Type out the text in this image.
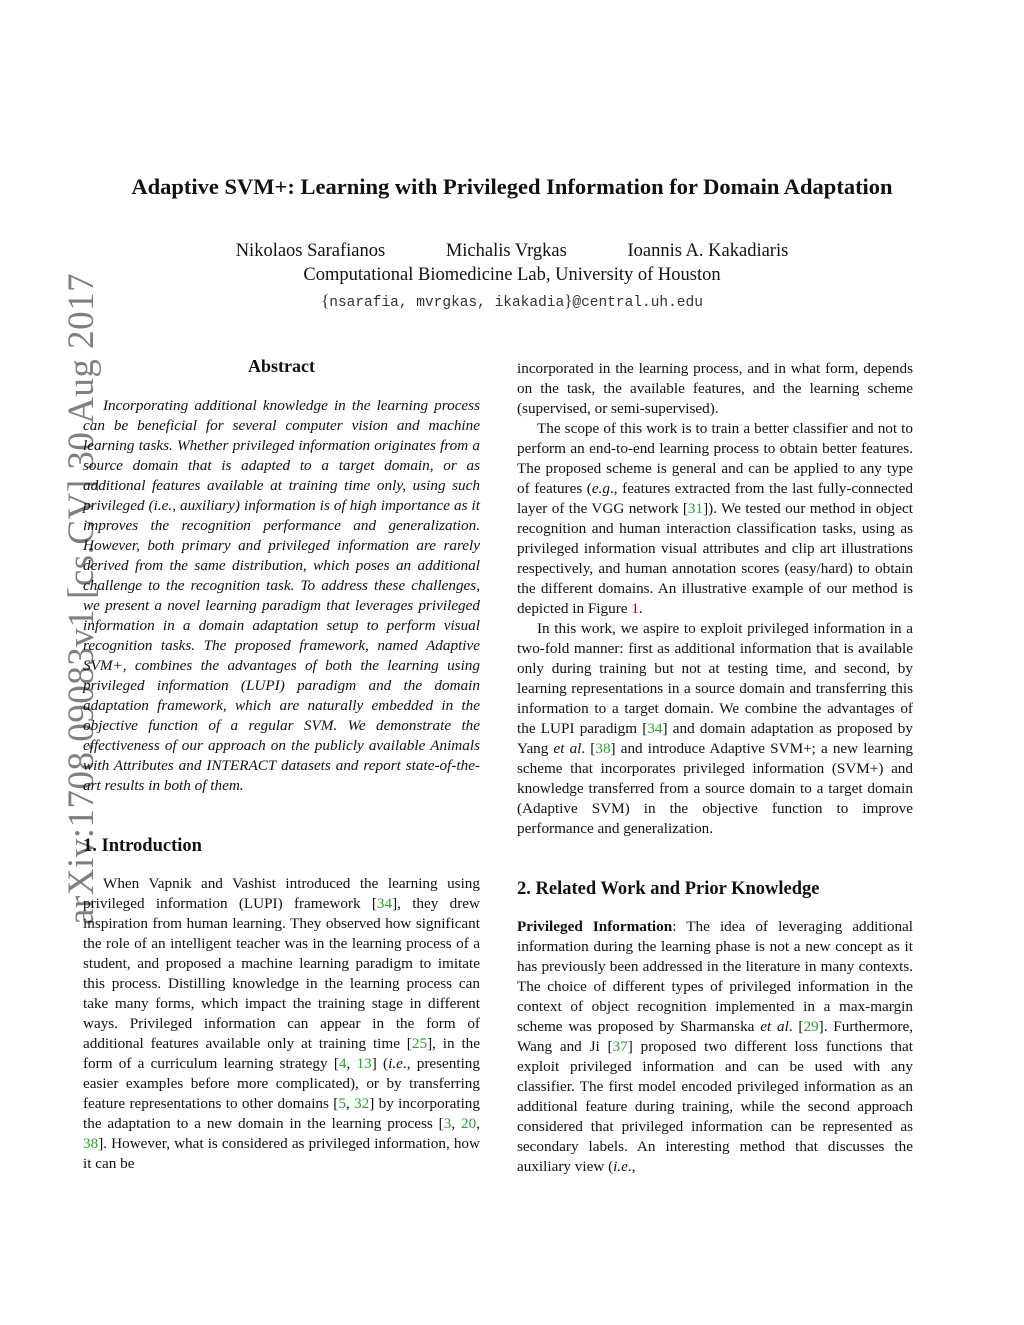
arXiv:1708.09083v1 [cs.CV] 30 Aug 2017
Adaptive SVM+: Learning with Privileged Information for Domain Adaptation
Nikolaos Sarafianos	Michalis Vrgkas	Ioannis A. Kakadiaris
Computational Biomedicine Lab, University of Houston
{nsarafia, mvrgkas, ikakadia}@central.uh.edu
Abstract

Incorporating additional knowledge in the learning process can be beneficial for several computer vision and machine learning tasks. Whether privileged information originates from a source domain that is adapted to a target domain, or as additional features available at training time only, using such privileged (i.e., auxiliary) information is of high importance as it improves the recognition performance and generalization. However, both primary and privileged information are rarely derived from the same distribution, which poses an additional challenge to the recognition task. To address these challenges, we present a novel learning paradigm that leverages privileged information in a domain adaptation setup to perform visual recognition tasks. The proposed framework, named Adaptive SVM+, combines the advantages of both the learning using privileged information (LUPI) paradigm and the domain adaptation framework, which are naturally embedded in the objective function of a regular SVM. We demonstrate the effectiveness of our approach on the publicly available Animals with Attributes and INTERACT datasets and report state-of-the-art results in both of them.

1. Introduction

When Vapnik and Vashist introduced the learning using privileged information (LUPI) framework [34], they drew inspiration from human learning. They observed how significant the role of an intelligent teacher was in the learning process of a student, and proposed a machine learning paradigm to imitate this process. Distilling knowledge in the learning process can take many forms, which impact the training stage in different ways. Privileged information can appear in the form of additional features available only at training time [25], in the form of a curriculum learning strategy [4, 13] (i.e., presenting easier examples before more complicated), or by transferring feature representations to other domains [5, 32] by incorporating the adaptation to a new domain in the learning process [3, 20, 38]. However, what is considered as privileged information, how it can be

incorporated in the learning process, and in what form, depends on the task, the available features, and the learning scheme (supervised, or semi-supervised).

The scope of this work is to train a better classifier and not to perform an end-to-end learning process to obtain better features. The proposed scheme is general and can be applied to any type of features (e.g., features extracted from the last fully-connected layer of the VGG network [31]). We tested our method in object recognition and human interaction classification tasks, using as privileged information visual attributes and clip art illustrations respectively, and human annotation scores (easy/hard) to obtain the different domains. An illustrative example of our method is depicted in Figure 1.

In this work, we aspire to exploit privileged information in a two-fold manner: first as additional information that is available only during training but not at testing time, and second, by learning representations in a source domain and transferring this information to a target domain. We combine the advantages of the LUPI paradigm [34] and domain adaptation as proposed by Yang et al. [38] and introduce Adaptive SVM+; a new learning scheme that incorporates privileged information (SVM+) and knowledge transferred from a source domain to a target domain (Adaptive SVM) in the objective function to improve performance and generalization.

2. Related Work and Prior Knowledge

Privileged Information: The idea of leveraging additional information during the learning phase is not a new concept as it has previously been addressed in the literature in many contexts. The choice of different types of privileged information in the context of object recognition implemented in a max-margin scheme was proposed by Sharmanska et al. [29]. Furthermore, Wang and Ji [37] proposed two different loss functions that exploit privileged information and can be used with any classifier. The first model encoded privileged information as an additional feature during training, while the second approach considered that privileged information can be represented as secondary labels. An interesting method that discusses the auxiliary view (i.e.,
